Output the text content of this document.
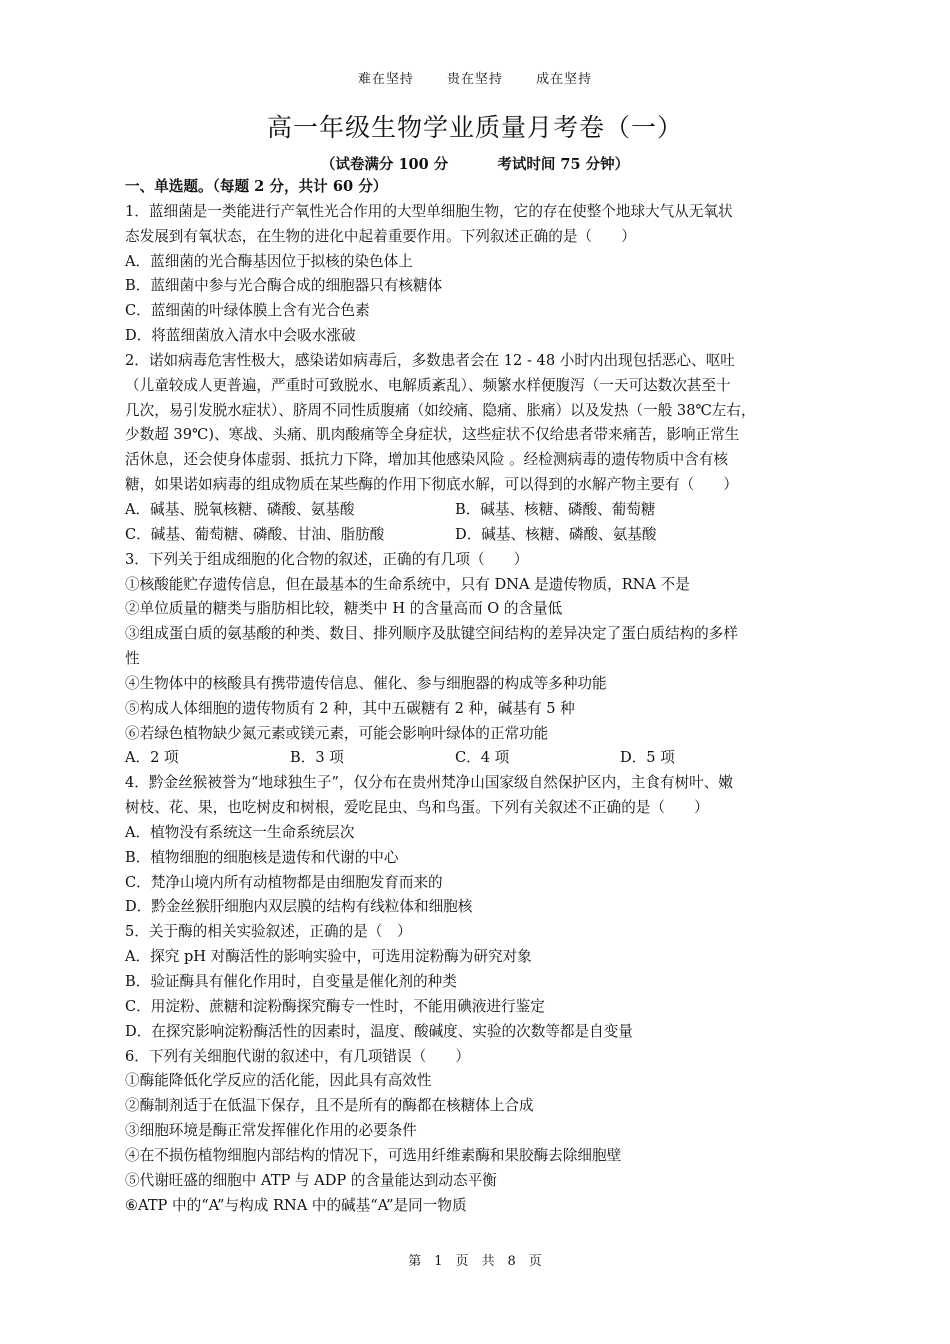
难在坚持	贵在坚持	成在坚持
高一年级生物学业质量月考卷（一）
（试卷满分 100 分	考试时间 75 分钟）
一、单选题。（每题 2 分，共计 60 分）
1．蓝细菌是一类能进行产氧性光合作用的大型单细胞生物，它的存在使整个地球大气从无氧状
态发展到有氧状态，在生物的进化中起着重要作用。下列叙述正确的是（　　）
A．蓝细菌的光合酶基因位于拟核的染色体上
B．蓝细菌中参与光合酶合成的细胞器只有核糖体
C．蓝细菌的叶绿体膜上含有光合色素
D．将蓝细菌放入清水中会吸水涨破
2．诺如病毒危害性极大，感染诺如病毒后，多数患者会在 12 - 48 小时内出现包括恶心、呕吐
（儿童较成人更普遍，严重时可致脱水、电解质紊乱）、频繁水样便腹泻（一天可达数次甚至十
几次，易引发脱水症状）、脐周不同性质腹痛（如绞痛、隐痛、胀痛）以及发热（一般 38℃左右，
少数超 39℃)、寒战、头痛、肌肉酸痛等全身症状，这些症状不仅给患者带来痛苦，影响正常生
活休息，还会使身体虚弱、抵抗力下降，增加其他感染风险 。经检测病毒的遗传物质中含有核
糖，如果诺如病毒的组成物质在某些酶的作用下彻底水解，可以得到的水解产物主要有（　　）
A．碱基、脱氧核糖、磷酸、氨基酸	B．碱基、核糖、磷酸、葡萄糖
C．碱基、葡萄糖、磷酸、甘油、脂肪酸	D．碱基、核糖、磷酸、氨基酸
3．下列关于组成细胞的化合物的叙述，正确的有几项（　　）
①核酸能贮存遗传信息，但在最基本的生命系统中，只有 DNA 是遗传物质，RNA 不是
②单位质量的糖类与脂肪相比较，糖类中 H 的含量高而 O 的含量低
③组成蛋白质的氨基酸的种类、数目、排列顺序及肽键空间结构的差异决定了蛋白质结构的多样
性
④生物体中的核酸具有携带遗传信息、催化、参与细胞器的构成等多种功能
⑤构成人体细胞的遗传物质有 2 种，其中五碳糖有 2 种，碱基有 5 种
⑥若绿色植物缺少氮元素或镁元素，可能会影响叶绿体的正常功能
A．2 项	B．3 项	C．4 项	D．5 项
4．黔金丝猴被誉为“地球独生子”，仅分布在贵州梵净山国家级自然保护区内，主食有树叶、嫩
树枝、花、果，也吃树皮和树根，爱吃昆虫、鸟和鸟蛋。下列有关叙述不正确的是（　　）
A．植物没有系统这一生命系统层次
B．植物细胞的细胞核是遗传和代谢的中心
C．梵净山境内所有动植物都是由细胞发育而来的
D．黔金丝猴肝细胞内双层膜的结构有线粒体和细胞核
5．关于酶的相关实验叙述，正确的是（　）
A．探究 pH 对酶活性的影响实验中，可选用淀粉酶为研究对象
B．验证酶具有催化作用时，自变量是催化剂的种类
C．用淀粉、蔗糖和淀粉酶探究酶专一性时，不能用碘液进行鉴定
D．在探究影响淀粉酶活性的因素时，温度、酸碱度、实验的次数等都是自变量
6．下列有关细胞代谢的叙述中，有几项错误（　　）
①酶能降低化学反应的活化能，因此具有高效性
②酶制剂适于在低温下保存，且不是所有的酶都在核糖体上合成
③细胞环境是酶正常发挥催化作用的必要条件
④在不损伤植物细胞内部结构的情况下，可选用纤维素酶和果胶酶去除细胞壁
⑤代谢旺盛的细胞中 ATP 与 ADP 的含量能达到动态平衡
⑥ATP 中的“A”与构成 RNA 中的碱基“A”是同一物质
第　1　页　共　8　页
